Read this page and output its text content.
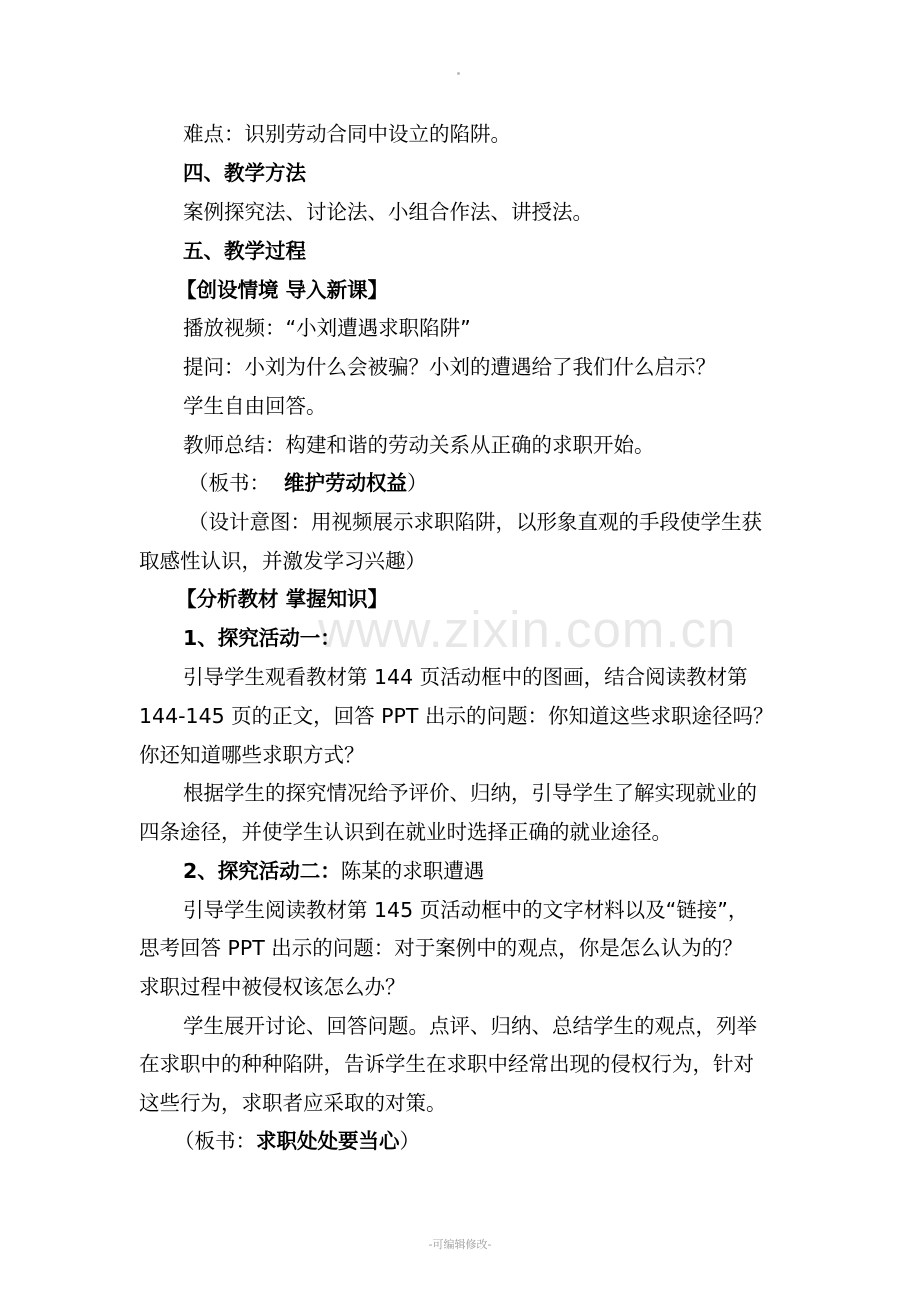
难点：识别劳动合同中设立的陷阱。
四、教学方法
案例探究法、讨论法、小组合作法、讲授法。
五、教学过程
【创设情境 导入新课】
播放视频：“小刘遭遇求职陷阱”
提问：小刘为什么会被骗？小刘的遭遇给了我们什么启示？
学生自由回答。
教师总结：构建和谐的劳动关系从正确的求职开始。
（板书： 维护劳动权益）
（设计意图：用视频展示求职陷阱，以形象直观的手段使学生获
取感性认识，并激发学习兴趣）
【分析教材 掌握知识】
1、探究活动一：
引导学生观看教材第 144 页活动框中的图画，结合阅读教材第
144-145 页的正文，回答 PPT 出示的问题：你知道这些求职途径吗？
你还知道哪些求职方式？
根据学生的探究情况给予评价、归纳，引导学生了解实现就业的
四条途径，并使学生认识到在就业时选择正确的就业途径。
2、探究活动二：陈某的求职遭遇
引导学生阅读教材第 145 页活动框中的文字材料以及“链接”，
思考回答 PPT 出示的问题：对于案例中的观点，你是怎么认为的？
求职过程中被侵权该怎么办？
学生展开讨论、回答问题。点评、归纳、总结学生的观点，列举
在求职中的种种陷阱，告诉学生在求职中经常出现的侵权行为，针对
这些行为，求职者应采取的对策。
（板书：求职处处要当心）
www.zixin.com.cn
-可编辑修改-
